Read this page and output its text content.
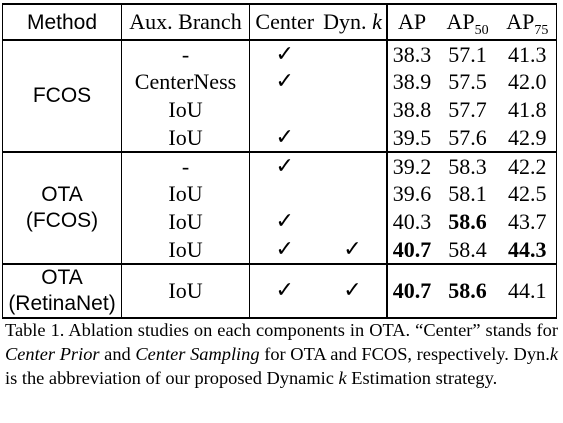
Method	Aux. Branch	Center	Dyn. k	AP	$AP_{50}$	$AP_{75}$

FCOS	-	✓		38.3	57.1	41.3
	CenterNess	✓		38.9	57.5	42.0
	IoU			38.8	57.7	41.8
	IoU	✓		39.5	57.6	42.9

OTA
(FCOS)	-	✓		39.2	58.3	42.2
	IoU			39.6	58.1	42.5
	IoU	✓		40.3	58.6	43.7
	IoU	✓	✓	40.7	58.4	44.3

OTA
(RetinaNet)	IoU	✓	✓	40.7	58.6	44.1
Table 1. Ablation studies on each components in OTA. “Center” stands for Center Prior and Center Sampling for OTA and FCOS, respectively. Dyn.k is the abbreviation of our proposed Dynamic k Estimation strategy.
